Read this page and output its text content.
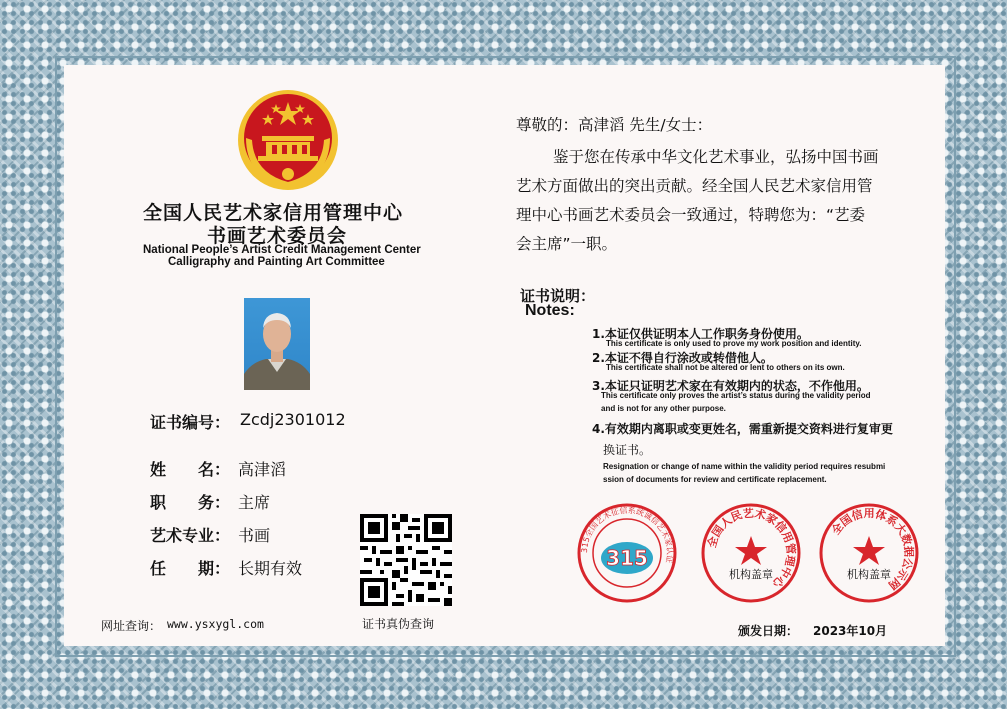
全国人民艺术家信用管理中心
书画艺术委员会
National People’s Artist Credit Management Center
Calligraphy and Painting Art Committee
证书编号： Zcdj2301012
姓　　名： 高津滔
职　　务： 主席
艺术专业： 书画
任　　期： 长期有效
证书真伪查询
网址查询： www.ysxygl.com
尊敬的：高津滔 先生/女士：
鉴于您在传承中华文化艺术事业，弘扬中国书画
艺术方面做出的突出贡献。经全国人民艺术家信用管
理中心书画艺术委员会一致通过，特聘您为：“艺委
会主席”一职。
证书说明：
Notes:
1.本证仅供证明本人工作职务身份使用。
This certificate is only used to prove my work position and identity.
2.本证不得自行涂改或转借他人。
This certificate shall not be altered or lent to others on its own.
3.本证只证明艺术家在有效期内的状态，不作他用。
This certificate only proves the artist’s status during the validity period
and is not for any other purpose.
4.有效期内离职或变更姓名，需重新提交资料进行复审更
换证书。
Resignation or change of name within the validity period requires resubmi
ssion of documents for review and certificate replacement.
315全国艺术征信系统诚信艺术家认证
315
全国人民艺术家信用管理中心
机构盖章
全国信用体系大数据公示网
机构盖章
颁发日期： 2023年10月
